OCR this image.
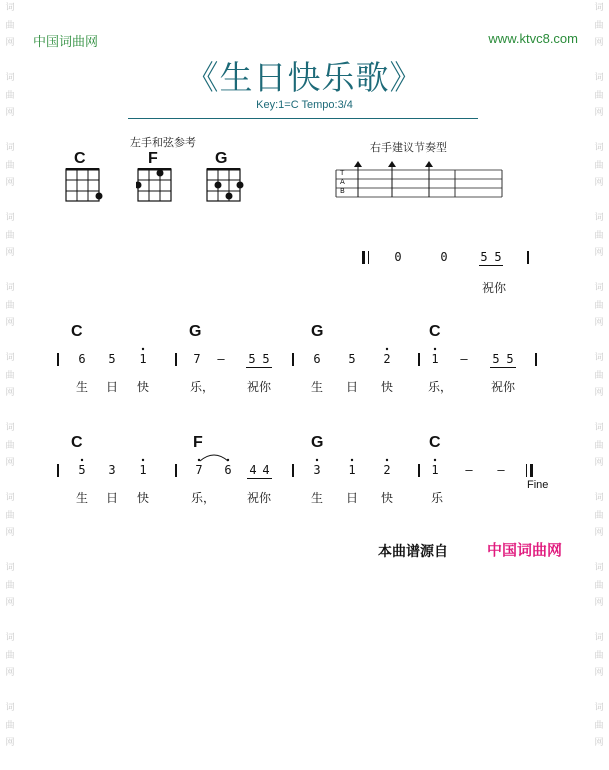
词
曲
网

词
曲
网

词
曲
网

词
曲
网

词
曲
网

词
曲
网

词
曲
网

词
曲
网

词
曲
网

词
曲
网

词
曲
网

词
曲
网

词
曲
网

词
曲
网

词
曲
网

词
曲
网

词
曲
网

词
曲
网

词
曲
网

词
曲
网

词
曲
网

词
曲
网

中国词曲网	www.ktvc8.com
《生日快乐歌》
Key:1=C Tempo:3/4
左手和弦参考	右手建议节奏型
C	F	G
T
A
B
0	0	5 5
祝你
C	G	G	C
6	5	1	7	—	5 5	6	5	2	1	—	5 5
生	日	快	乐，	祝你	生	日	快	乐，	祝你
C	F	G	C
5	3	1	7	6	4 4	3	1	2	1	—	—
生	日	快	乐，	祝你	生	日	快	乐
Fine
本曲谱源自	中国词曲网
